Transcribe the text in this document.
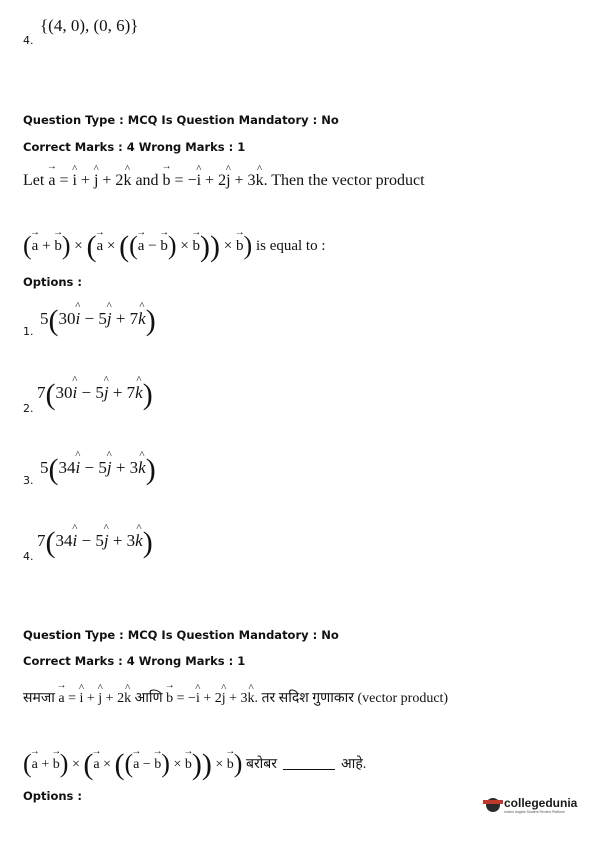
4.
{(4, 0), (0, 6)}
Question Type : MCQ Is Question Mandatory : No
Correct Marks : 4 Wrong Marks : 1
Let → a = ^ i + ^ j + 2^ k and → b = −^ i + 2^ j + 3^ k. Then the vector product
(→ a + → b) × (→ a × ((→ a − → b) × → b)) × → b) is equal to :
Options :
1.
5(30^ i − 5^ j + 7^ k)
2.
7(30^ i − 5^ j + 7^ k)
3.
5(34^ i − 5^ j + 3^ k)
4.
7(34^ i − 5^ j + 3^ k)
Question Type : MCQ Is Question Mandatory : No
Correct Marks : 4 Wrong Marks : 1
समजा → a = ^ i + ^ j + 2^ k आणि → b = −^ i + 2^ j + 3^ k. तर सदिश गुणाकार (vector product)
(→ a + → b) × (→ a × ((→ a − → b) × → b)) × → b) बरोबर	आहे.
Options :	collegedunia
India's largest Student Review Platform
